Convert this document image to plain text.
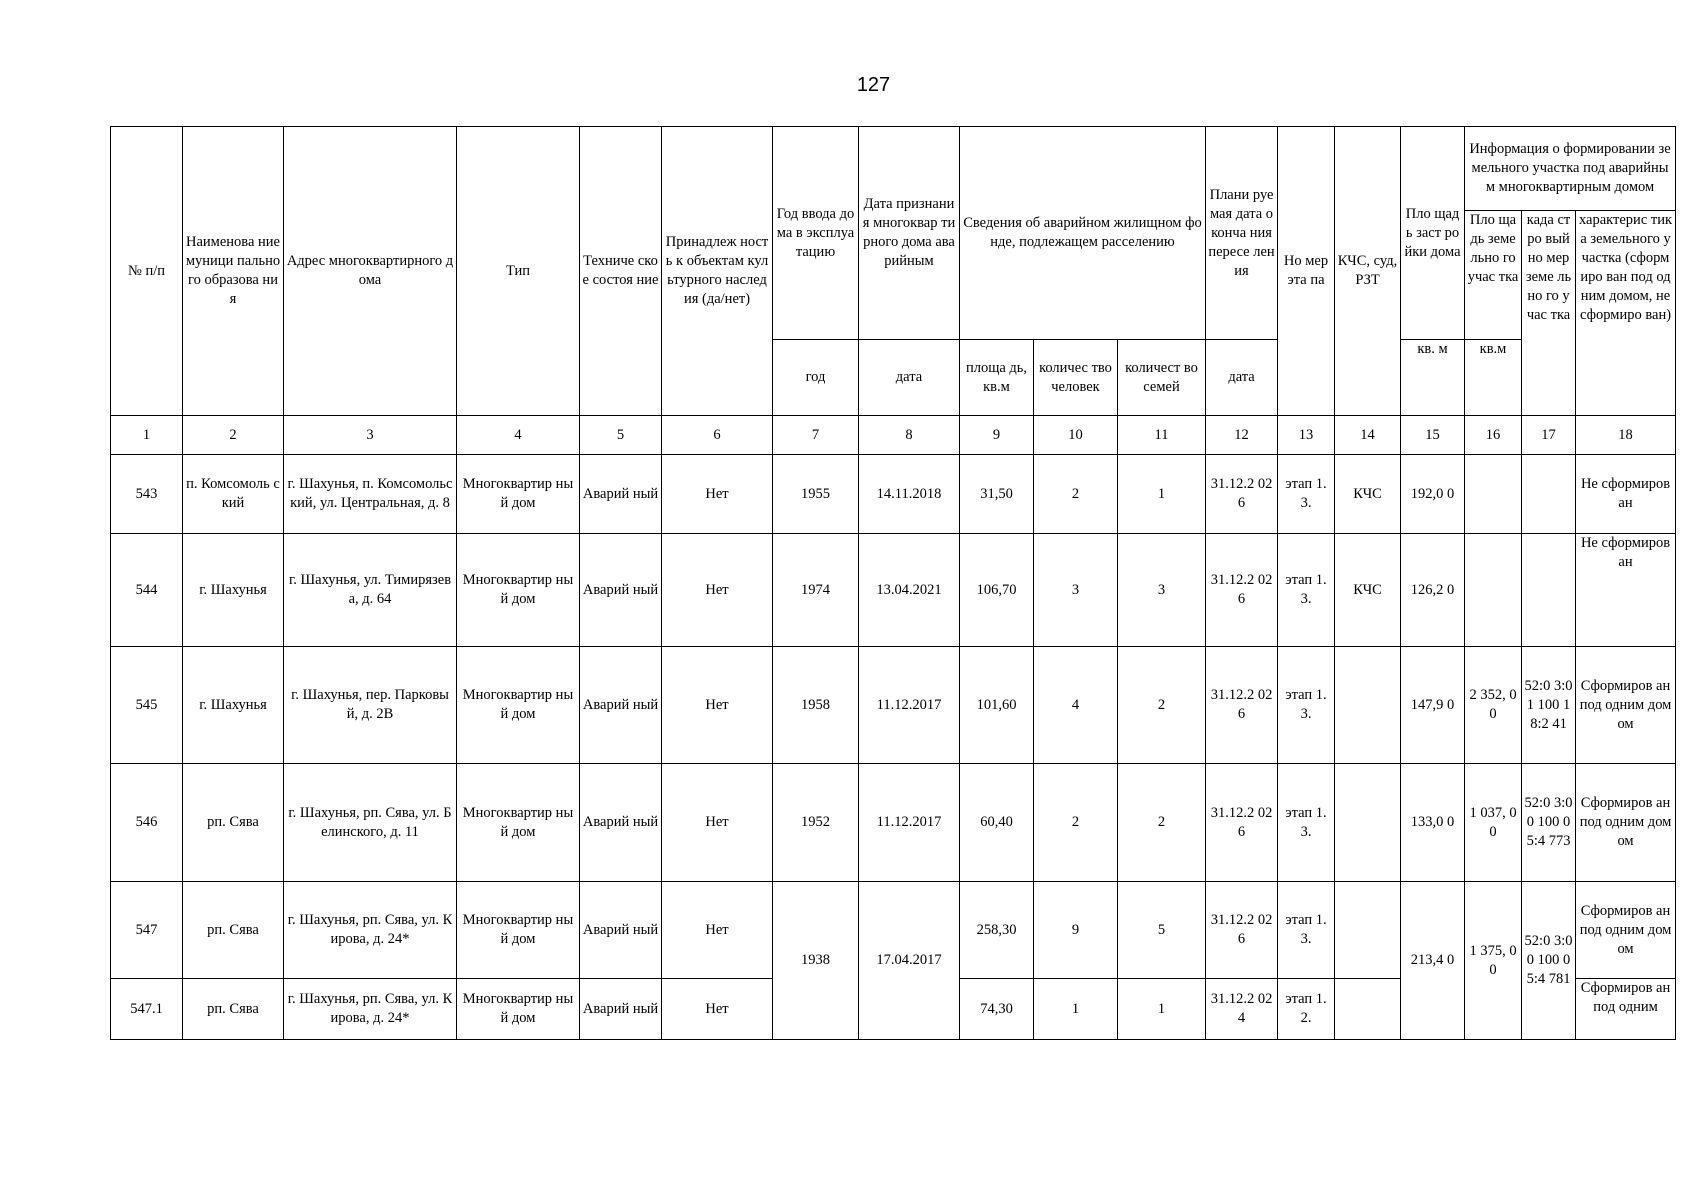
127
№ п/п	Наименова ние муници пального образова ния	Адрес многоквартирного дома	Тип	Техниче ское состоя ние	Принадлеж ность к объектам культурного наследия (да/нет)	Год ввода дома в эксплуа тацию	Дата признания многоквар тирного дома аварийным	Сведения об аварийном жилищном фонде, подлежащем расселению			Плани руемая дата оконча ния пересе ления	Но мер эта па	КЧС, суд, РЗТ	Пло щадь заст ройки дома	Информация о формировании земельного участка под аварийным многоквартирным домом		
															Пло щадь земе льно го учас тка	када стро вый но мер земе льно го учас тка	характерис тика земельного участка (сформиро ван под одним домом, не сформиро ван)
						год	дата	площа дь, кв.м	количес тво человек	количест во семей	дата			кв. м	кв.м		
1	2	3	4	5	6	7	8	9	10	11	12	13	14	15	16	17	18
543	п. Комсомоль ский	г. Шахунья, п. Комсомольский, ул. Центральная, д. 8	Многоквартир ный дом	Аварий ный	Нет	1955	14.11.2018	31,50	2	1	31.12.2 026	этап 1.3.	КЧС	192,0 0			Не сформиров ан
544	г. Шахунья	г. Шахунья, ул. Тимирязева, д. 64	Многоквартир ный дом	Аварий ный	Нет	1974	13.04.2021	106,70	3	3	31.12.2 026	этап 1.3.	КЧС	126,2 0			Не сформиров ан
545	г. Шахунья	г. Шахунья, пер. Парковый, д. 2В	Многоквартир ный дом	Аварий ный	Нет	1958	11.12.2017	101,60	4	2	31.12.2 026	этап 1.3.		147,9 0	2 352, 00	52:0 3:01 100 18:2 41	Сформиров ан под одним домом
546	рп. Сява	г. Шахунья, рп. Сява, ул. Белинского, д. 11	Многоквартир ный дом	Аварий ный	Нет	1952	11.12.2017	60,40	2	2	31.12.2 026	этап 1.3.		133,0 0	1 037, 00	52:0 3:00 100 05:4 773	Сформиров ан под одним домом
547	рп. Сява	г. Шахунья, рп. Сява, ул. Кирова, д. 24*	Многоквартир ный дом	Аварий ный	Нет	1938	17.04.2017	258,30	9	5	31.12.2 026	этап 1.3.		213,4 0	1 375, 00	52:0 3:00 100 05:4 781	Сформиров ан под одним домом
547.1	рп. Сява	г. Шахунья, рп. Сява, ул. Кирова, д. 24*	Многоквартир ный дом	Аварий ный	Нет			74,30	1	1	31.12.2 024	этап 1.2.					Сформиров ан под одним
